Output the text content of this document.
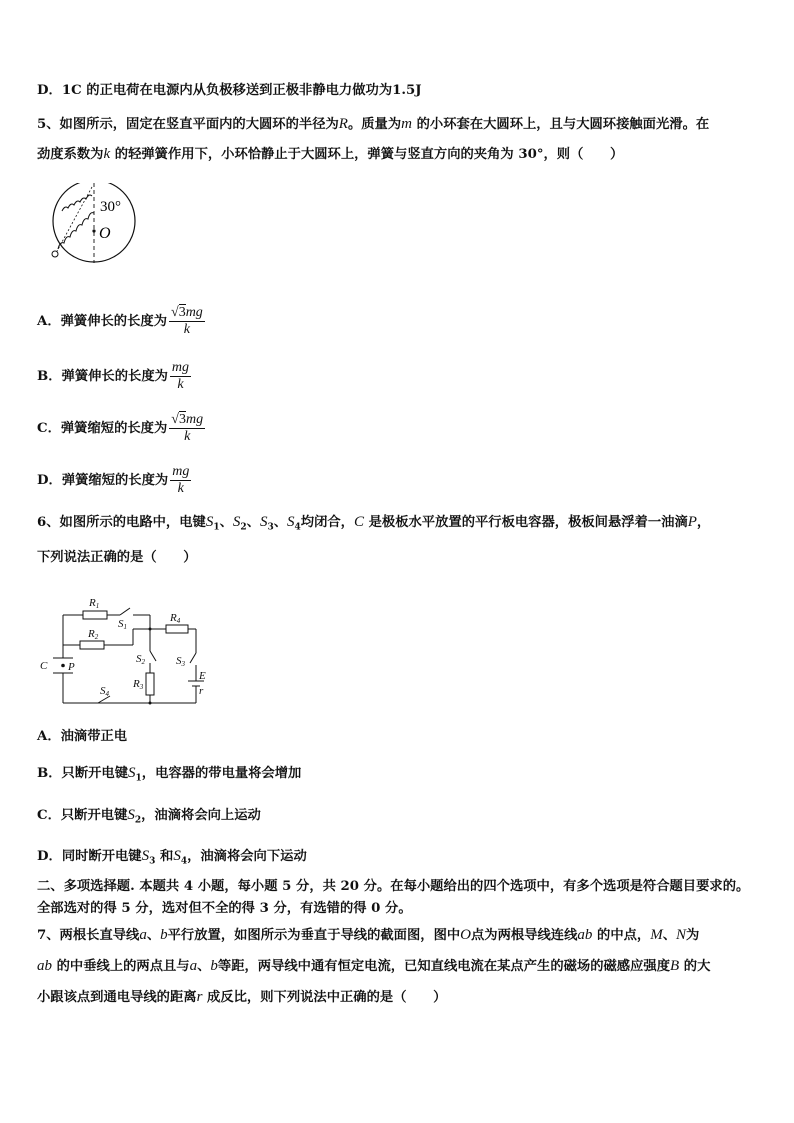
D．1C 的正电荷在电源内从负极移送到正极非静电力做功为1.5J
5、如图所示，固定在竖直平面内的大圆环的半径为R。质量为m 的小环套在大圆环上，且与大圆环接触面光滑。在
劲度系数为k 的轻弹簧作用下，小环恰静止于大圆环上，弹簧与竖直方向的夹角为 30°，则（　　）
30°
O
A．弹簧伸长的长度为 $\frac{√3mg}{k}$
B．弹簧伸长的长度为 $\frac{mg}{k}$
C．弹簧缩短的长度为 $\frac{√3mg}{k}$
D．弹簧缩短的长度为 $\frac{mg}{k}$
6、如图所示的电路中，电键$S_1$、$S_2$、$S_3$、$S_4$均闭合，C 是极板水平放置的平行板电容器，极板间悬浮着一油滴P，
下列说法正确的是（　　）
R1
S1
R2
R4
S2	S3
R3
E
r
S4
C P
A．油滴带正电
B．只断开电键$S_1$，电容器的带电量将会增加
C．只断开电键$S_2$，油滴将会向上运动
D．同时断开电键$S_3$ 和$S_4$，油滴将会向下运动
二、多项选择题. 本题共 4 小题，每小题 5 分，共 20 分。在每小题给出的四个选项中，有多个选项是符合题目要求的。
全部选对的得 5 分，选对但不全的得 3 分，有选错的得 0 分。
7、两根长直导线a、b平行放置，如图所示为垂直于导线的截面图，图中O点为两根导线连线ab 的中点，M、N为
ab 的中垂线上的两点且与a、b等距，两导线中通有恒定电流，已知直线电流在某点产生的磁场的磁感应强度B 的大
小跟该点到通电导线的距离r 成反比，则下列说法中正确的是（　　）
